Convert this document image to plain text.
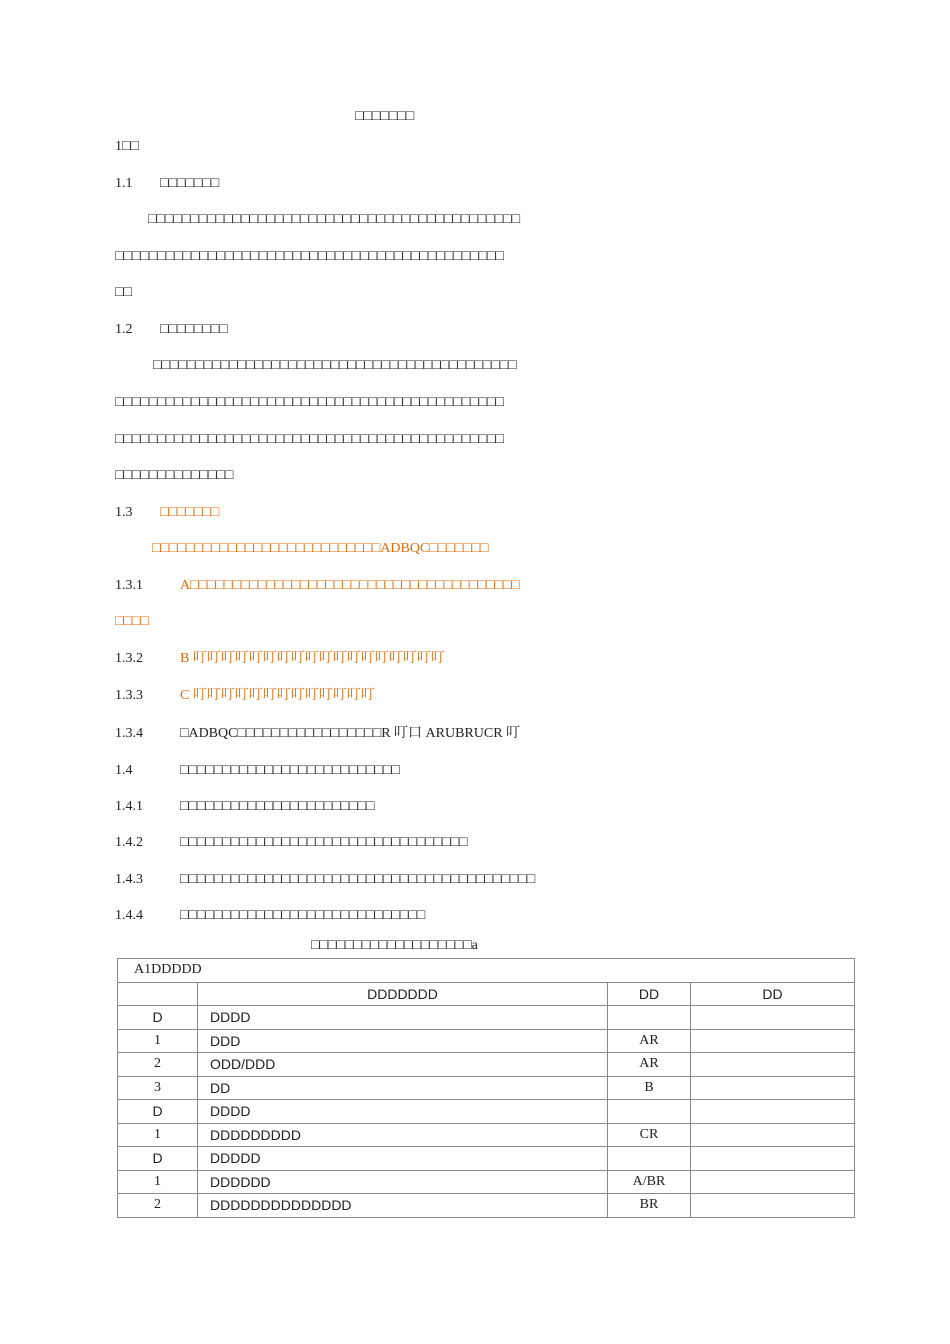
□□□□□□□
1□□
1.1 □□□□□□□
□□□□□□□□□□□□□□□□□□□□□□□□□□□□□□□□□□□□□□□□□□□□
□□□□□□□□□□□□□□□□□□□□□□□□□□□□□□□□□□□□□□□□□□□□□□
□□
1.2 □□□□□□□□
□□□□□□□□□□□□□□□□□□□□□□□□□□□□□□□□□□□□□□□□□□□
□□□□□□□□□□□□□□□□□□□□□□□□□□□□□□□□□□□□□□□□□□□□□□
□□□□□□□□□□□□□□□□□□□□□□□□□□□□□□□□□□□□□□□□□□□□□□
□□□□□□□□□□□□□□
1.3 □□□□□□□
□□□□□□□□□□□□□□□□□□□□□□□□□□□ADBQC□□□□□□□
1.3.1	A□□□□□□□□□□□□□□□□□□□□□□□□□□□□□□□□□□□□□□□
□□□□
1.3.2	B 叮叮叮叮叮叮叮叮叮叮叮叮叮叮叮叮叮叮
1.3.3	C 叮叮叮叮叮叮叮叮叮叮叮叮叮
1.3.4	□ADBQC□□□□□□□□□□□□□□□□□R 叮口 ARUBRUCR 叮
1.4	□□□□□□□□□□□□□□□□□□□□□□□□□□
1.4.1	□□□□□□□□□□□□□□□□□□□□□□□
1.4.2	□□□□□□□□□□□□□□□□□□□□□□□□□□□□□□□□□□
1.4.3	□□□□□□□□□□□□□□□□□□□□□□□□□□□□□□□□□□□□□□□□□□
1.4.4	□□□□□□□□□□□□□□□□□□□□□□□□□□□□□
□□□□□□□□□□□□□□□□□□□a
A1DDDDD			
	DDDDDDD	DD	DD
D	DDDD		
1	DDD	AR	
2	ODD/DDD	AR	
3	DD	B	
D	DDDD		
1	DDDDDDDDD	CR	
D	DDDDD		
1	DDDDDD	A/BR	
2	DDDDDDDDDDDDDD	BR	
